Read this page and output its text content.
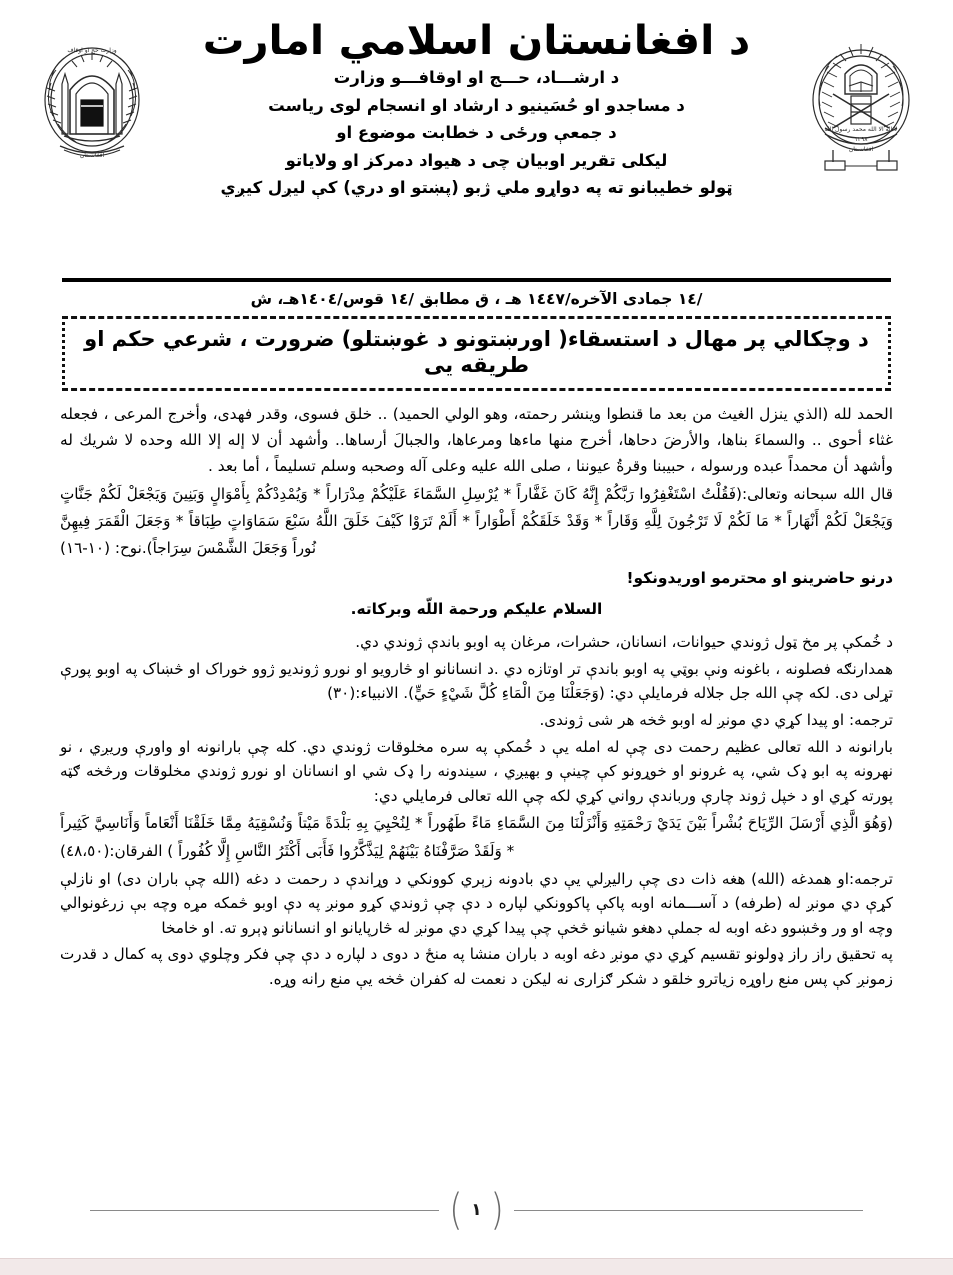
وزارت حج او اوقاف
افغانستان
لا اله الا الله محمد رسول الله
١٢٩٨
افغانستان
د افغانستان اسلامي امارت
د ارشـــاد، حـــج او اوقافـــو وزارت
د مساجدو او حُسَينيو د ارشاد او انسجام لوی رياست
د جمعې ورځی د خطابت موضوع او
ليکلی تقرير اوبيان چی د هيواد دمرکز او ولاياتو
ټولو خطيبانو ته په دواړو ملي ژبو (پښتو او دري) کې ليږل کيږي
/١٤ جمادى الآخره/١٤٤٧ هـ ، ق مطابق /١٤ قوس/١٤٠٤هـ، ش
د وچکالي پر مهال د استسقاء( اورښتونو د غوښتلو) ضرورت ، شرعي حکم او طريقه يی

الحمد لله (الذي ينزل الغيث من بعد ما قنطوا وينشر رحمته، وهو الولي الحميد) .. خلق فسوى، وقدر فهدى، وأخرج المرعى ، فجعله غثاء أحوى .. والسماءَ بناها، والأرضَ دحاها، أخرج منها ماءها ومرعاها، والجبالَ أرساها.. وأشهد أن لا إله إلا الله وحده لا شريك له وأشهد أن محمداً عبده ورسوله ، حبيبنا وقرةُ عيوننا ، صلى الله عليه وعلى آله وصحبه وسلم تسليماً ، أما بعد .

قال الله سبحانه وتعالى:(فَقُلْتُ اسْتَغْفِرُوا رَبَّكُمْ إِنَّهُ كَانَ غَفَّاراً * يُرْسِلِ السَّمَاءَ عَلَيْكُمْ مِدْرَاراً * وَيُمْدِدْكُمْ بِأَمْوَالٍ وَبَنِينَ وَيَجْعَلْ لَكُمْ جَنَّاتٍ وَيَجْعَلْ لَكُمْ أَنْهَاراً * مَا لَكُمْ لَا تَرْجُونَ لِلَّهِ وَقَاراً * وَقَدْ خَلَقَكُمْ أَطْوَاراً * أَلَمْ تَرَوْا كَيْفَ خَلَقَ اللَّهُ سَبْعَ سَمَاوَاتٍ طِبَاقاً * وَجَعَلَ الْقَمَرَ فِيهِنَّ نُوراً وَجَعَلَ الشَّمْسَ سِرَاجاً).نوح: (١٠-١٦)

درنو حاضرينو او محترمو اوريدونکو!

السلام عليکم ورحمة اللّه وبرکاته.

د خُمکې پر مخ ټول ژوندي حيوانات، انسانان، حشرات، مرغان په اوبو باندې ژوندي دي.

همدارنګه فصلونه ، باغونه ونې بوټي په اوبو باندې تر اوتازه دي .د انسانانو او څارويو او نورو ژونديو ژوو خوراک او څښاک په اوبو پورې تړلی دی. لکه چې الله جل جلاله فرمايلې دي: (وَجَعَلْنَا مِنَ الْمَاءِ كُلَّ شَيْءٍ حَيٍّ). الانبياء:(٣٠)

ترجمه: او پيدا کړي دي مونږ له اوبو څخه هر شی ژوندی.

بارانونه د الله تعالی عظيم رحمت دی چې له امله يې د خُمکې په سره مخلوقات ژوندي دي. کله چې بارانونه او واورې وريږي ، نو نهرونه په ابو ډک شي، په غرونو او خوړونو کې چينې و بهيږي ، سيندونه را ډک شي او انسانان او نورو ژوندي مخلوقات ورڅخه ګټه پورته کړي او د خپل ژوند چارې ورباندې رواني کړي لکه چې الله تعالی فرمايلي دي:

(وَهُوَ الَّذِي أَرْسَلَ الرِّيَاحَ بُشْراً بَيْنَ يَدَيْ رَحْمَتِهِ وَأَنْزَلْنَا مِنَ السَّمَاءِ مَاءً طَهُوراً * لِنُحْيِيَ بِهِ بَلْدَةً مَيْتاً وَنُسْقِيَهُ مِمَّا خَلَقْنَا أَنْعَاماً وَأَنَاسِيَّ كَثِيراً * وَلَقَدْ صَرَّفْنَاهُ بَيْنَهُمْ لِيَذَّكَّرُوا فَأَبَى أَكْثَرُ النَّاسِ إِلَّا كُفُوراً ) الفرقان:(٤٨،٥٠)

ترجمه:او همدغه (الله) هغه ذات دی چې راليږلي يې دي بادونه زېري کوونکي د وړاندې د رحمت د دغه (الله چې باران دی) او نازلې کړې دي مونږ له (طرفه) د آســـمانه اوبه پاکې پاکوونکي لپاره د دې چې ژوندي کړو مونږ په دې اوبو څمکه مړه وچه بې زرغونوالي وچه او ور وڅښوو دغه اوبه له جملې دهغو شيانو څخې چې پيدا کړي دي مونږ له څارپايانو او انسانانو ډېرو ته. او خامخا

په تحقيق راز راز ډولونو تقسيم کړي دي مونږ دغه اوبه د باران منشا په منځ د دوی د لپاره د دې چې فکر وچلوي دوی په کمال د قدرت زمونږ کې پس منع راوړه زياترو خلقو د شکر ګزاری نه ليکن د نعمت له کفران څخه يې منع رانه وړه.

(
١
)
